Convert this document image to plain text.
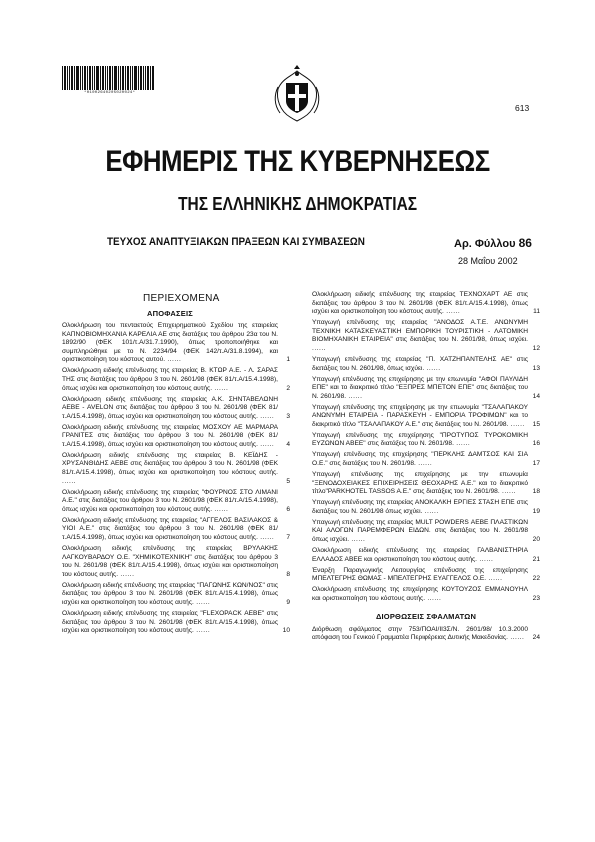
*01002640205020024*
613
ΕΦΗΜΕΡΙΣ ΤΗΣ ΚΥΒΕΡΝΗΣΕΩΣ
ΤΗΣ ΕΛΛΗΝΙΚΗΣ ΔΗΜΟΚΡΑΤΙΑΣ
ΤΕΥΧΟΣ ΑΝΑΠΤΥΞΙΑΚΩΝ ΠΡΑΞΕΩΝ ΚΑΙ ΣΥΜΒΑΣΕΩΝ	Αρ. Φύλλου 86
28 Μαΐου 2002
ΠΕΡΙΕΧΟΜΕΝΑ
ΑΠΟΦΑΣΕΙΣ
Ολοκλήρωση του πενταετούς Επιχειρηματικού Σχεδίου της εταιρείας ΚΑΠΝΟΒΙΟΜΗΧΑΝΙΑ ΚΑΡΕΛΙΑ ΑΕ στις διατάξεις του άρθρου 23α του Ν. 1892/90 (ΦΕΚ 101/τ.Α/31.7.1990), όπως τροποποιήθηκε και συμπληρώθηκε με το Ν. 2234/94 (ΦΕΚ 142/τ.Α/31.8.1994), και οριστικοποίηση του κόστους αυτού. ......	1
Ολοκλήρωση ειδικής επένδυσης της εταιρείας Β. ΚΤΩΡ Α.Ε. - Λ. ΣΑΡΑΣ ΤΗΣ στις διατάξεις του άρθρου 3 του Ν. 2601/98 (ΦΕΚ 81/τ.Α/15.4.1998), όπως ισχύει και οριστικοποίηση του κόστους αυτής. ......	2
Ολοκλήρωση ειδικής επένδυσης της εταιρείας Α.Κ. ΣΗΝΤΑΒΕΛΩΝΗ ΑΕΒΕ - AVELON στις διατάξεις του άρθρου 3 του Ν. 2601/98 (ΦΕΚ 81/τ.Α/15.4.1998), όπως ισχύει και οριστικοποίηση του κόστους αυτής. ...... 3
Ολοκλήρωση ειδικής επένδυσης της εταιρείας ΜΟΣΧΟΥ ΑΕ ΜΑΡΜΑΡΑ ΓΡΑΝΙΤΕΣ στις διατάξεις του άρθρου 3 του Ν. 2601/98 (ΦΕΚ 81/τ.Α/15.4.1998), όπως ισχύει και οριστικοποίηση του κόστους αυτής. ...... 4
Ολοκλήρωση ειδικής επένδυσης της εταιρείας Β. ΚΕΪΔΗΣ - ΧΡΥΣΑΝΘΙΔΗΣ ΑΕΒΕ στις διατάξεις του άρθρου 3 του Ν. 2601/98 (ΦΕΚ 81/τ.Α/15.4.1998), όπως ισχύει και οριστικοποίηση του κόστους αυτής. ......	5
Ολοκλήρωση ειδικής επένδυσης της εταιρείας "ΦΟΥΡΝΟΣ ΣΤΟ ΛΙΜΑΝΙ Α.Ε." στις διατάξεις του άρθρου 3 του Ν. 2601/98 (ΦΕΚ 81/τ.Α/15.4.1998), όπως ισχύει και οριστικοποίηση του κόστους αυτής. ......	6
Ολοκλήρωση ειδικής επένδυσης της εταιρείας "ΑΓΓΕΛΟΣ ΒΑΣΙΛΑΚΟΣ & ΥΙΟΙ Α.Ε." στις διατάξεις του άρθρου 3 του Ν. 2601/98 (ΦΕΚ 81/τ.Α/15.4.1998), όπως ισχύει και οριστικοποίηση του κόστους αυτής. ...... 7
Ολοκλήρωση ειδικής επένδυσης της εταιρείας ΒΡΥΛΑΚΗΣ ΛΑΓΚΟΥΒΑΡΔΟΥ Ο.Ε. "ΧΗΜΙΚΟΤΕΧΝΙΚΗ" στις διατάξεις του άρθρου 3 του Ν. 2601/98 (ΦΕΚ 81/τ.Α/15.4.1998), όπως ισχύει και οριστικοποίηση του κόστους αυτής. ......	8
Ολοκλήρωση ειδικής επένδυσης της εταιρείας "ΠΑΓΩΝΗΣ ΚΩΝ/ΝΟΣ" στις διατάξεις του άρθρου 3 του Ν. 2601/98 (ΦΕΚ 81/τ.Α/15.4.1998), όπως ισχύει και οριστικοποίηση του κόστους αυτής. ......	9
Ολοκλήρωση ειδικής επένδυσης της εταιρείας "FLEXOPACK ΑΕΒΕ" στις διατάξεις του άρθρου 3 του Ν. 2601/98 (ΦΕΚ 81/τ.Α/15.4.1998), όπως ισχύει και οριστικοποίηση του κόστους αυτής. ......	10
Ολοκλήρωση ειδικής επένδυσης της εταιρείας ΤΕΧΝΟΧΑΡΤ ΑΕ στις διατάξεις του άρθρου 3 του Ν. 2601/98 (ΦΕΚ 81/τ.Α/15.4.1998), όπως ισχύει και οριστικοποίηση του κόστους αυτής. ......	11
Υπαγωγή επένδυσης της εταιρείας "ΑΝΟΔΟΣ Α.Τ.Ε. ΑΝΩΝΥΜΗ ΤΕΧΝΙΚΗ ΚΑΤΑΣΚΕΥΑΣΤΙΚΗ ΕΜΠΟΡΙΚΗ ΤΟΥΡΙΣΤΙΚΗ - ΛΑΤΟΜΙΚΗ ΒΙΟΜΗΧΑΝΙΚΗ ΕΤΑΙΡΕΙΑ" στις διατάξεις του Ν. 2601/98, όπως ισχύει. ......	12
Υπαγωγή επένδυσης της εταιρείας "Π. ΧΑΤΖΗΠΑΝΤΕΛΗΣ ΑΕ" στις διατάξεις του Ν. 2601/98, όπως ισχύει. ......	13
Υπαγωγή επένδυσης της επιχείρησης με την επωνυμία "ΑΦΟΙ ΠΑΥΛΙΔΗ ΕΠΕ" και το διακριτικό τίτλο "ΕΞΠΡΕΣ ΜΠΕΤΟΝ ΕΠΕ" στις διατάξεις του Ν. 2601/98. ......	14
Υπαγωγή επένδυσης της επιχείρησης με την επωνυμία "ΤΣΑΛΑΠΑΚΟΥ ΑΝΩΝΥΜΗ ΕΤΑΙΡΕΙΑ - ΠΑΡΑΣΚΕΥΗ - ΕΜΠΟΡΙΑ ΤΡΟΦΙΜΩΝ" και το διακριτικό τίτλο "ΤΣΑΛΑΠΑΚΟΥ Α.Ε." στις διατάξεις του Ν. 2601/98. ...... 15
Υπαγωγή επένδυσης της επιχείρησης "ΠΡΟΤΥΠΟΣ ΤΥΡΟΚΟΜΙΚΗ ΕΥΖΩΝΩΝ ΑΒΕΕ" στις διατάξεις του Ν. 2601/98. ......	16
Υπαγωγή επένδυσης της επιχείρησης "ΠΕΡΚΛΗΣ ΔΑΜΤΣΟΣ ΚΑΙ ΣΙΑ Ο.Ε." στις διατάξεις του Ν. 2601/98. ......	17
Υπαγωγή επένδυσης της επιχείρησης με την επωνυμία "ΞΕΝΟΔΟΧΕΙΑΚΕΣ ΕΠΙΧΕΙΡΗΣΕΙΣ ΘΕΟΧΑΡΗΣ Α.Ε." και το διακριτικό τίτλο"PARKHOTEL TASSOS A.E." στις διατάξεις του Ν. 2601/98. ......	18
Υπαγωγή επένδυσης της εταιρείας ΑΝΟΚΑΛΚΗ ΕΡΓΙΕΣ ΣΤΑΣΗ ΕΠΕ στις διατάξεις του Ν. 2601/98 όπως ισχύει. ......	19
Υπαγωγή επένδυσης της εταιρείας MULT POWDERS ΑΕΒΕ ΠΛΑΣΤΙΚΩΝ ΚΑΙ ΑΛΟΓΩΝ ΠΑΡΕΜΦΕΡΩΝ ΕΙΔΩΝ. στις διατάξεις του Ν. 2601/98 όπως ισχύει. ......	20
Ολοκλήρωση ειδικής επένδυσης της εταιρείας ΓΑΛΒΑΝΙΣΤΗΡΙΑ ΕΛΛΑΔΟΣ ΑΒΕΕ και οριστικοποίηση του κόστους αυτής. ......	21
Έναρξη Παραγωγικής Λειτουργίας επένδυσης της επιχείρησης ΜΠΕΛΤΕΓΡΗΣ ΘΩΜΑΣ - ΜΠΕΛΤΕΓΡΗΣ ΕΥΑΓΓΕΛΟΣ Ο.Ε. ......	22
Ολοκλήρωση επένδυσης της επιχείρησης ΚΟΥΤΟΥΖΟΣ ΕΜΜΑΝΟΥΗΛ και οριστικοποίηση του κόστους αυτής. ......	23
ΔΙΟΡΘΩΣΕΙΣ ΣΦΑΛΜΑΤΩΝ
Διόρθωση σφάλματος στην 753/ΠΟΑΙ/ΙΙ3Σ/Ν. 2601/98/ 10.3.2000 απόφαση του Γενικού Γραμματέα Περιφέρειας Δυτικής Μακεδονίας. ...... 24
